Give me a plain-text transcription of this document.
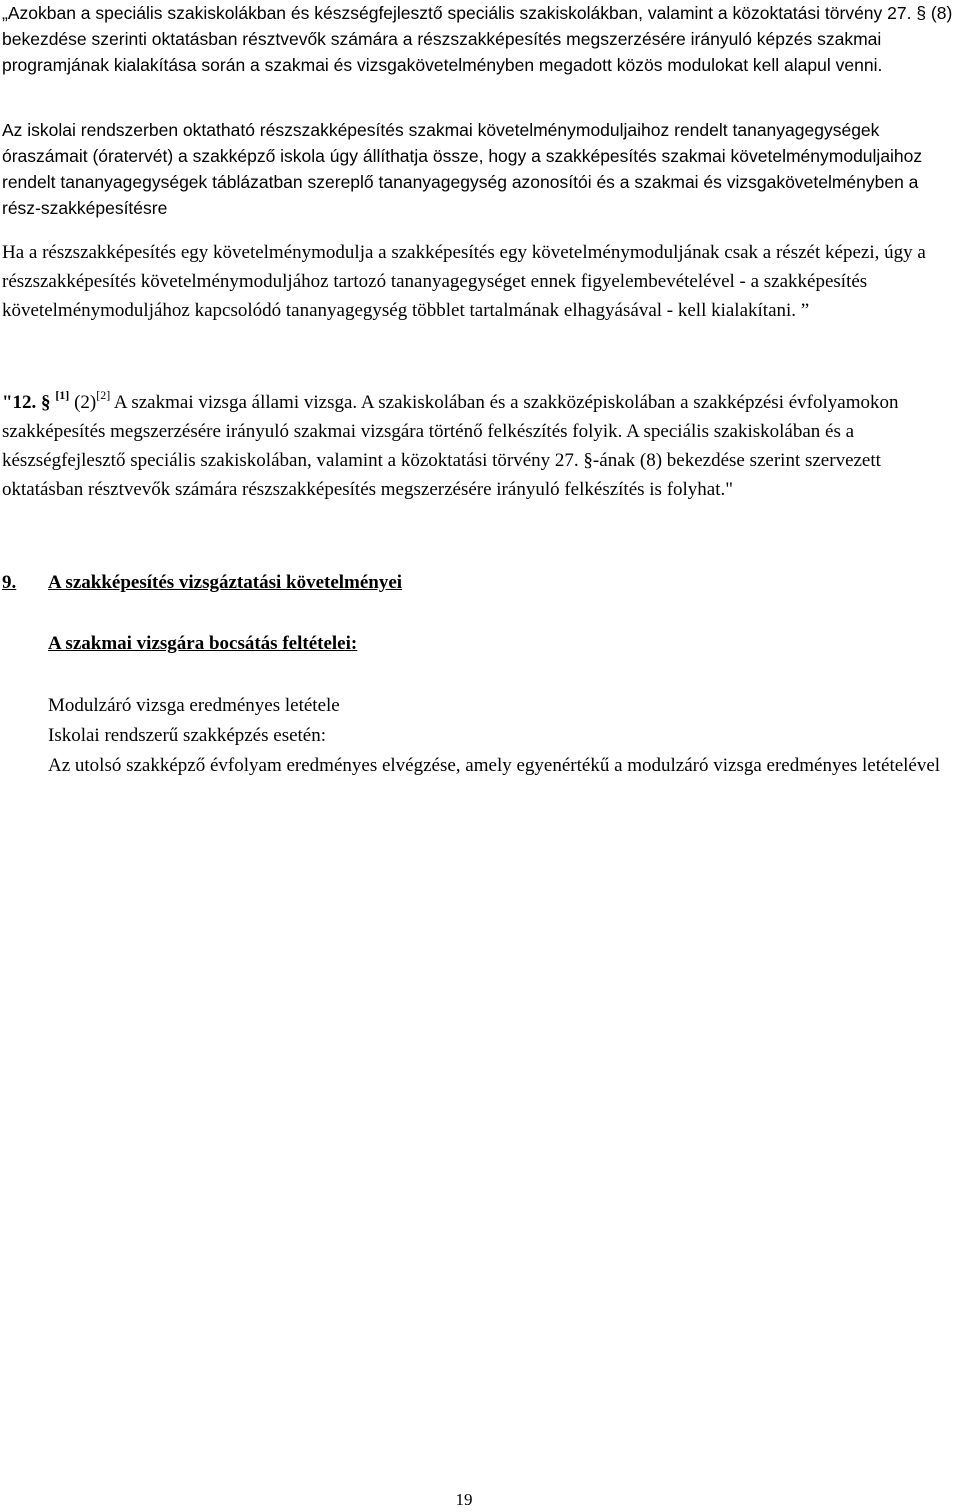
„Azokban a speciális szakiskolákban és készségfejlesztő speciális szakiskolákban, valamint a közoktatási törvény 27. § (8) bekezdése szerinti oktatásban résztvevők számára a részszakképesítés megszerzésére irányuló képzés szakmai programjának kialakítása során a szakmai és vizsgakövetelményben megadott közös modulokat kell alapul venni.

Az iskolai rendszerben oktatható részszakképesítés szakmai követelménymoduljaihoz rendelt tananyagegységek óraszámait (óratervét) a szakképző iskola úgy állíthatja össze, hogy a szakképesítés szakmai követelménymoduljaihoz rendelt tananyagegységek táblázatban szereplő tananyagegység azonosítói és a szakmai és vizsgakövetelményben a rész-szakképesítésre

Ha a részszakképesítés egy követelménymodulja a szakképesítés egy követelménymoduljának csak a részét képezi, úgy a részszakképesítés követelménymoduljához tartozó tananyagegységet ennek figyelembevételével - a szakképesítés követelménymoduljához kapcsolódó tananyagegység többlet tartalmának elhagyásával - kell kialakítani. ”

"12. § [1] (2)[2] A szakmai vizsga állami vizsga. A szakiskolában és a szakközépiskolában a szakképzési évfolyamokon szakképesítés megszerzésére irányuló szakmai vizsgára történő felkészítés folyik. A speciális szakiskolában és a készségfejlesztő speciális szakiskolában, valamint a közoktatási törvény 27. §-ának (8) bekezdése szerint szervezett oktatásban résztvevők számára részszakképesítés megszerzésére irányuló felkészítés is folyhat."

9. A szakképesítés vizsgáztatási követelményei
A szakmai vizsgára bocsátás feltételei:
Modulzáró vizsga eredményes letétele
Iskolai rendszerű szakképzés esetén:
Az utolsó szakképző évfolyam eredményes elvégzése, amely egyenértékű a modulzáró vizsga eredményes letételével
19
